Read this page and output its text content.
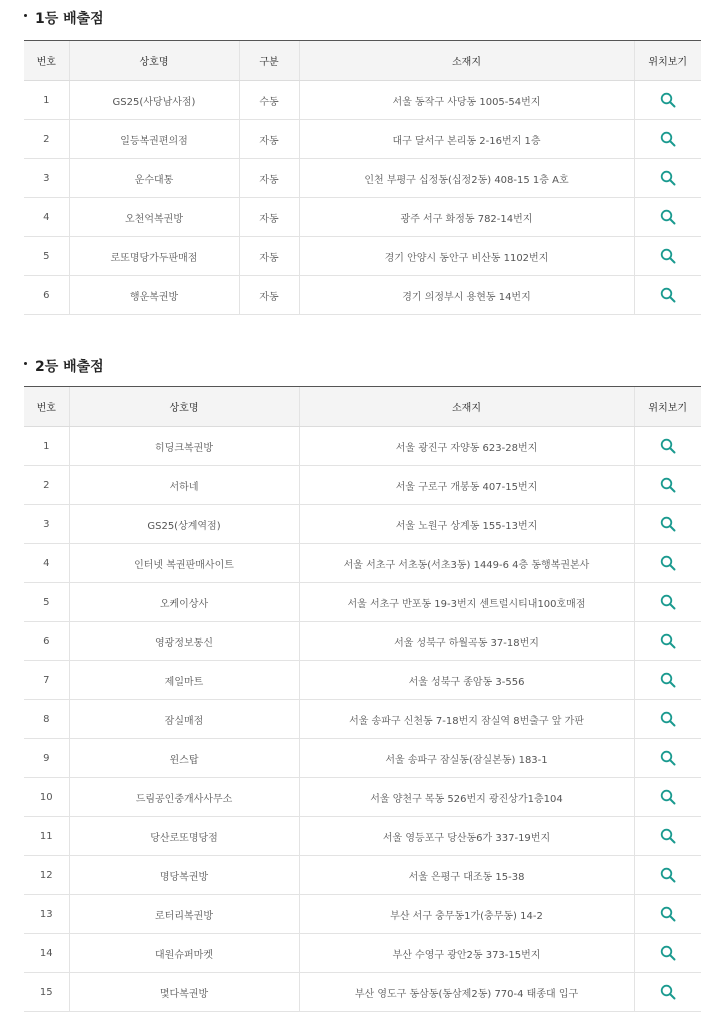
1등 배출점
번호	상호명	구분	소재지	위치보기
1	GS25(사당남사점)	수동	서울 동작구 사당동 1005-54번지	

2	일등복권편의점	자동	대구 달서구 본리동 2-16번지 1층	

3	운수대통	자동	인천 부평구 십정동(십정2동) 408-15 1층 A호	

4	오천억복권방	자동	광주 서구 화정동 782-14번지	

5	로또명당가두판매점	자동	경기 안양시 동안구 비산동 1102번지	

6	행운복권방	자동	경기 의정부시 용현동 14번지	
2등 배출점
번호	상호명	소재지	위치보기
1	히딩크복권방	서울 광진구 자양동 623-28번지	

2	서하네	서울 구로구 개봉동 407-15번지	

3	GS25(상계역점)	서울 노원구 상계동 155-13번지	

4	인터넷 복권판매사이트	서울 서초구 서초동(서초3동) 1449-6 4층 동행복권본사	

5	오케이상사	서울 서초구 반포동 19-3번지 센트럴시티내100호매점	

6	영광정보통신	서울 성북구 하월곡동 37-18번지	

7	제일마트	서울 성북구 종암동 3-556	

8	잠실매점	서울 송파구 신천동 7-18번지 잠실역 8번출구 앞 가판	

9	윈스탑	서울 송파구 잠실동(잠실본동) 183-1	

10	드림공인중개사사무소	서울 양천구 목동 526번지 광진상가1층104	

11	당산로또명당점	서울 영등포구 당산동6가 337-19번지	

12	명당복권방	서울 은평구 대조동 15-38	

13	로터리복권방	부산 서구 충무동1가(충무동) 14-2	

14	대원슈퍼마켓	부산 수영구 광안2동 373-15번지	

15	몇다복권방	부산 영도구 동삼동(동삼제2동) 770-4 태종대 입구	
